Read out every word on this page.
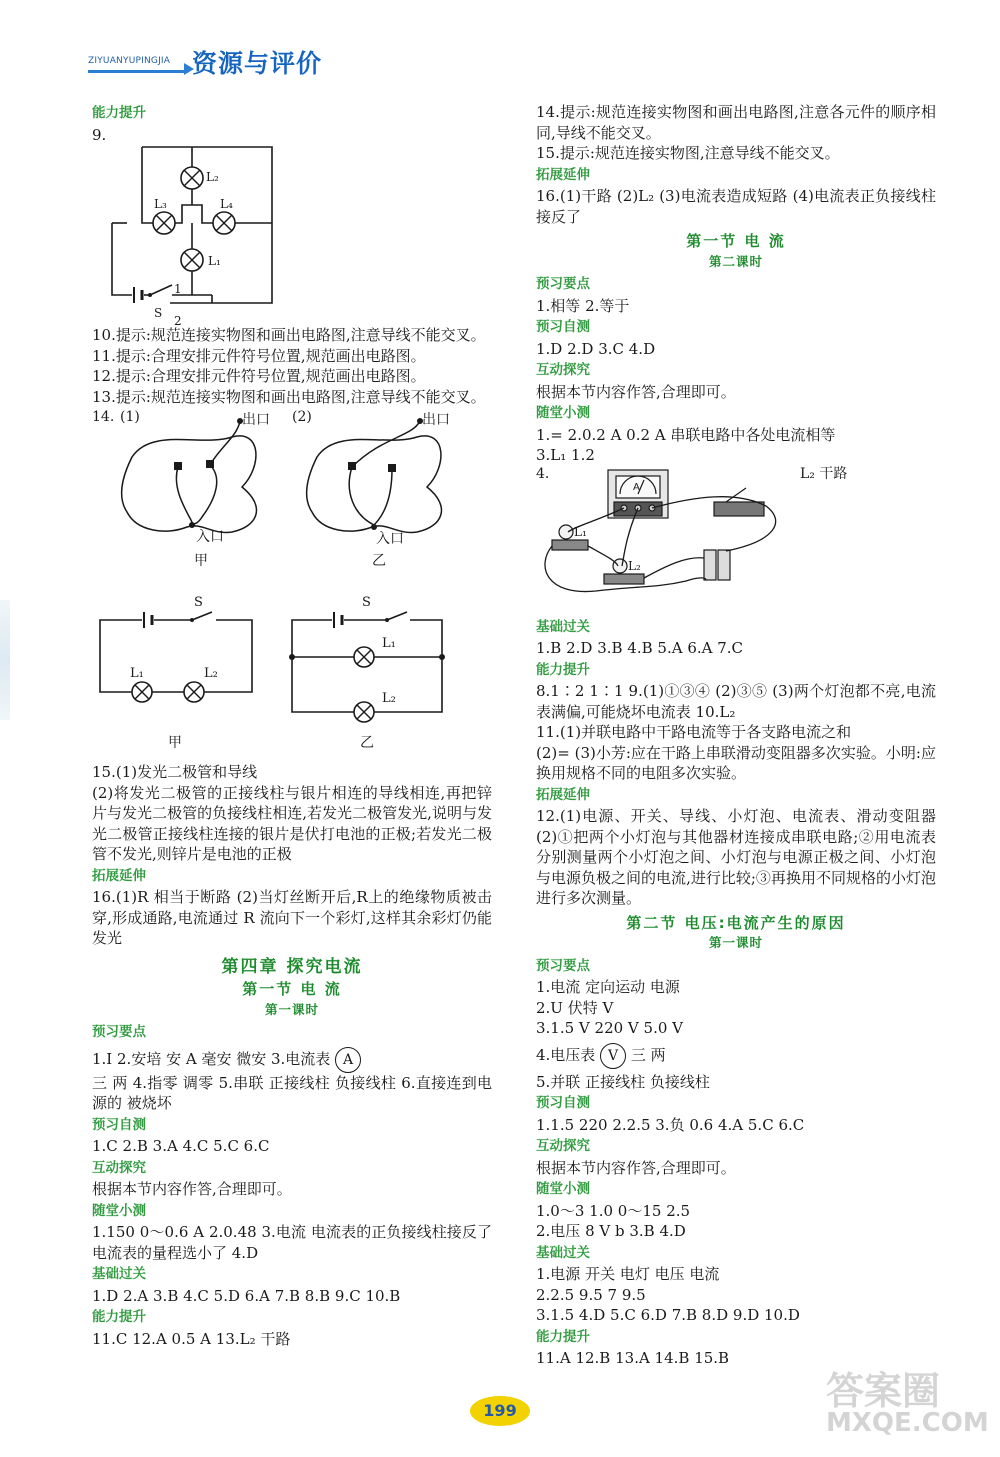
ZIYUANYUPINGJIA 资源与评价
能力提升

9.

L₂
L₃	L₄
L₁
1
S
2

10.提示:规范连接实物图和画出电路图,注意导线不能交叉。

11.提示:合理安排元件符号位置,规范画出电路图。

12.提示:合理安排元件符号位置,规范画出电路图。

13.提示:规范连接实物图和画出电路图,注意导线不能交叉。

14. (1)	(2)
出口	出口
入口	入口
甲	乙
S	S
L₁	L₂
L₁
L₂
甲	乙

15.(1)发光二极管和导线

(2)将发光二极管的正接线柱与银片相连的导线相连,再把锌片与发光二极管的负接线柱相连,若发光二极管发光,说明与发光二极管正接线柱连接的银片是伏打电池的正极;若发光二极管不发光,则锌片是电池的正极

拓展延伸

16.(1)R 相当于断路 (2)当灯丝断开后,R上的绝缘物质被击穿,形成通路,电流通过 R 流向下一个彩灯,这样其余彩灯仍能发光

第四章 探究电流
第一节 电 流
第一课时
预习要点

1.I 2.安培 安 A 毫安 微安 3.电流表 A

三 两 4.指零 调零 5.串联 正接线柱 负接线柱 6.直接连到电源的 被烧坏

预习自测

1.C 2.B 3.A 4.C 5.C 6.C

互动探究

根据本节内容作答,合理即可。

随堂小测

1.150 0～0.6 A 2.0.48 3.电流 电流表的正负接线柱接反了 电流表的量程选小了 4.D

基础过关

1.D 2.A 3.B 4.C 5.D 6.A 7.B 8.B 9.C 10.B

能力提升

11.C 12.A 0.5 A 13.L₂ 干路

14.提示:规范连接实物图和画出电路图,注意各元件的顺序相同,导线不能交叉。

15.提示:规范连接实物图,注意导线不能交叉。

拓展延伸

16.(1)干路 (2)L₂ (3)电流表造成短路 (4)电流表正负接线柱接反了

第一节 电 流
第二课时
预习要点

1.相等 2.等于

预习自测

1.D 2.D 3.C 4.D

互动探究

根据本节内容作答,合理即可。

随堂小测

1.= 2.0.2 A 0.2 A 串联电路中各处电流相等

3.L₁ 1.2

4.	L₂ 干路
A
L₁
L₂
基础过关

1.B 2.D 3.B 4.B 5.A 6.A 7.C

能力提升

8.1∶2 1∶1 9.(1)①③④ (2)③⑤ (3)两个灯泡都不亮,电流表满偏,可能烧坏电流表 10.L₂

11.(1)并联电路中干路电流等于各支路电流之和

(2)= (3)小芳:应在干路上串联滑动变阻器多次实验。小明:应换用规格不同的电阻多次实验。

拓展延伸

12.(1)电源、开关、导线、小灯泡、电流表、滑动变阻器 (2)①把两个小灯泡与其他器材连接成串联电路;②用电流表分别测量两个小灯泡之间、小灯泡与电源正极之间、小灯泡与电源负极之间的电流,进行比较;③再换用不同规格的小灯泡进行多次测量。

第二节 电压:电流产生的原因
第一课时
预习要点

1.电流 定向运动 电源

2.U 伏特 V

3.1.5 V 220 V 5.0 V

4.电压表 V 三 两

5.并联 正接线柱 负接线柱

预习自测

1.1.5 220 2.2.5 3.负 0.6 4.A 5.C 6.C

互动探究

根据本节内容作答,合理即可。

随堂小测

1.0～3 1.0 0～15 2.5

2.电压 8 V b 3.B 4.D

基础过关

1.电源 开关 电灯 电压 电流

2.2.5 9.5 7 9.5

3.1.5 4.D 5.C 6.D 7.B 8.D 9.D 10.D

能力提升

11.A 12.B 13.A 14.B 15.B

199	答案圈
MXQE.COM
